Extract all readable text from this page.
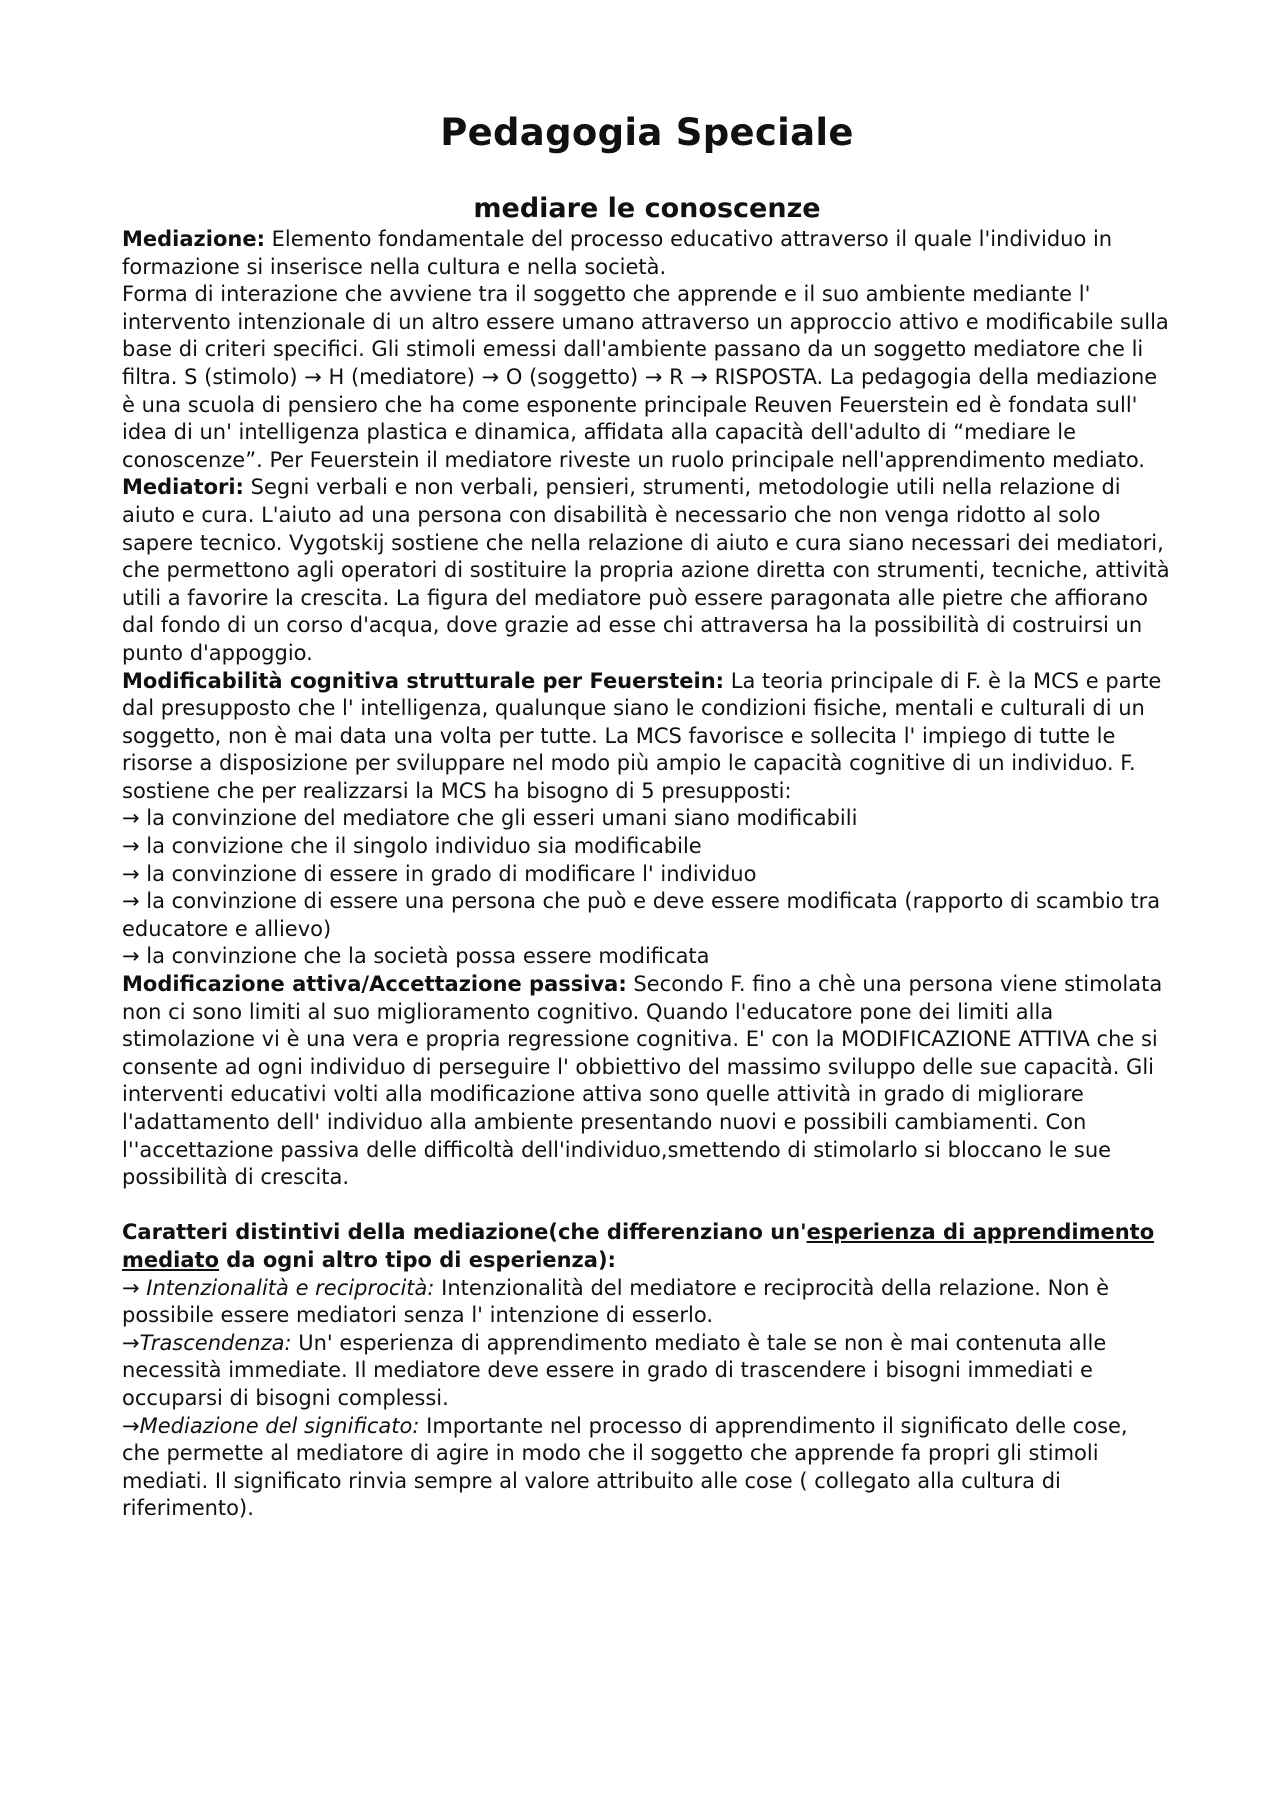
Pedagogia Speciale
mediare le conoscenze

Mediazione: Elemento fondamentale del processo educativo attraverso il quale l'individuo in formazione si inserisce nella cultura e nella società.

Forma di interazione che avviene tra il soggetto che apprende e il suo ambiente mediante l' intervento intenzionale di un altro essere umano attraverso un approccio attivo e modificabile sulla base di criteri specifici. Gli stimoli emessi dall'ambiente passano da un soggetto mediatore che li filtra. S (stimolo) → H (mediatore) → O (soggetto) → R → RISPOSTA. La pedagogia della mediazione è una scuola di pensiero che ha come esponente principale Reuven Feuerstein ed è fondata sull' idea di un' intelligenza plastica e dinamica, affidata alla capacità dell'adulto di “mediare le conoscenze”. Per Feuerstein il mediatore riveste un ruolo principale nell'apprendimento mediato.

Mediatori: Segni verbali e non verbali, pensieri, strumenti, metodologie utili nella relazione di aiuto e cura. L'aiuto ad una persona con disabilità è necessario che non venga ridotto al solo sapere tecnico. Vygotskij sostiene che nella relazione di aiuto e cura siano necessari dei mediatori, che permettono agli operatori di sostituire la propria azione diretta con strumenti, tecniche, attività utili a favorire la crescita. La figura del mediatore può essere paragonata alle pietre che affiorano dal fondo di un corso d'acqua, dove grazie ad esse chi attraversa ha la possibilità di costruirsi un punto d'appoggio.

Modificabilità cognitiva strutturale per Feuerstein: La teoria principale di F. è la MCS e parte dal presupposto che l' intelligenza, qualunque siano le condizioni fisiche, mentali e culturali di un soggetto, non è mai data una volta per tutte. La MCS favorisce e sollecita l' impiego di tutte le risorse a disposizione per sviluppare nel modo più ampio le capacità cognitive di un individuo. F. sostiene che per realizzarsi la MCS ha bisogno di 5 presupposti:

→ la convinzione del mediatore che gli esseri umani siano modificabili

→ la convizione che il singolo individuo sia modificabile

→ la convinzione di essere in grado di modificare l' individuo

→ la convinzione di essere una persona che può e deve essere modificata (rapporto di scambio tra educatore e allievo)

→ la convinzione che la società possa essere modificata

Modificazione attiva/Accettazione passiva: Secondo F. fino a chè una persona viene stimolata non ci sono limiti al suo miglioramento cognitivo. Quando l'educatore pone dei limiti alla stimolazione vi è una vera e propria regressione cognitiva. E' con la MODIFICAZIONE ATTIVA che si consente ad ogni individuo di perseguire l' obbiettivo del massimo sviluppo delle sue capacità. Gli interventi educativi volti alla modificazione attiva sono quelle attività in grado di migliorare l'adattamento dell' individuo alla ambiente presentando nuovi e possibili cambiamenti. Con l''accettazione passiva delle difficoltà dell'individuo,smettendo di stimolarlo si bloccano le sue possibilità di crescita.

Caratteri distintivi della mediazione(che differenziano un'esperienza di apprendimento mediato da ogni altro tipo di esperienza):

→ Intenzionalità e reciprocità: Intenzionalità del mediatore e reciprocità della relazione. Non è possibile essere mediatori senza l' intenzione di esserlo.

→Trascendenza: Un' esperienza di apprendimento mediato è tale se non è mai contenuta alle necessità immediate. Il mediatore deve essere in grado di trascendere i bisogni immediati e occuparsi di bisogni complessi.

→Mediazione del significato: Importante nel processo di apprendimento il significato delle cose, che permette al mediatore di agire in modo che il soggetto che apprende fa propri gli stimoli mediati. Il significato rinvia sempre al valore attribuito alle cose ( collegato alla cultura di riferimento).
